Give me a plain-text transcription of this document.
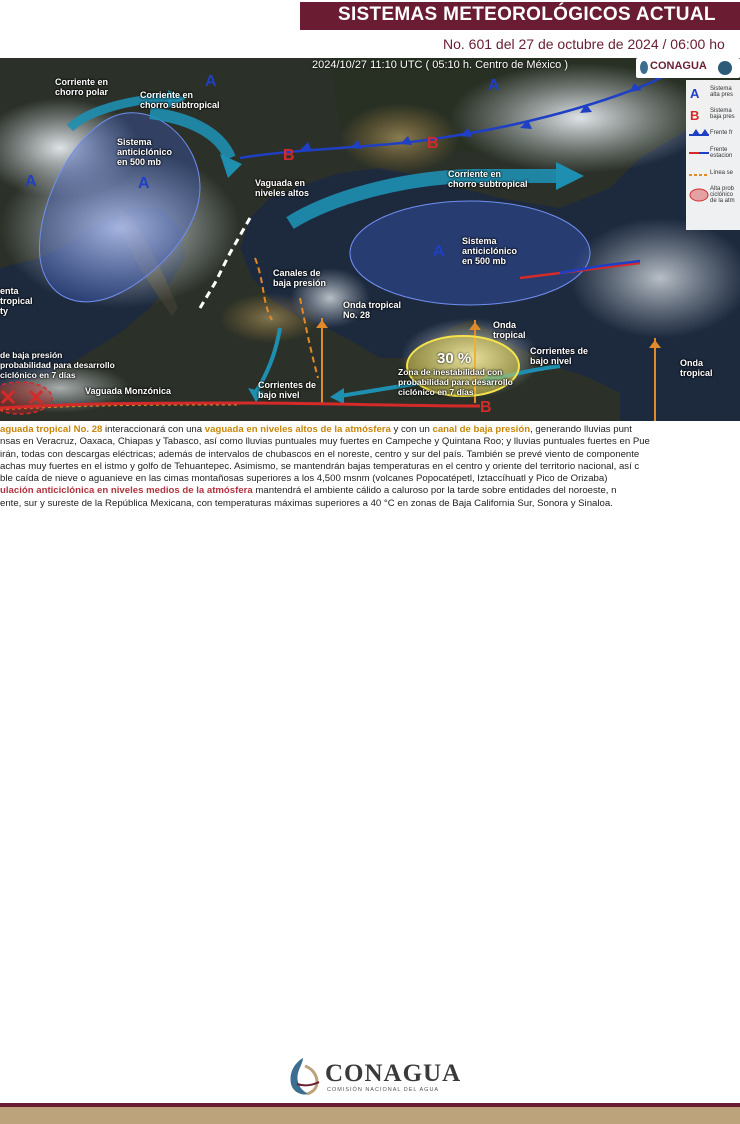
SISTEMAS METEOROLÓGICOS ACTUAL
No. 601 del 27 de octubre de 2024 / 06:00 ho
A	A
A	A
A
B
B
B
2024/10/27 11:10 UTC ( 05:10 h. Centro de México )	CONAGUA
A Sistema
alta pres
B Sistema
baja pres
Frente fr
Frente
estacion
Línea se
Alta prob
ciclónico
de la atm
Corriente en
chorro polar	Corriente en
chorro subtropical
Sistema
anticiclónico
en 500 mb
Vaguada en
niveles altos
Corriente en
chorro subtropical
Sistema
anticiclónico
en 500 mb
Canales de
baja presión
Onda tropical
No. 28
Onda
tropical
Corrientes de
bajo nivel	Onda
tropical
de baja presión
probabilidad para desarrollo
ciclónico en 7 días
Vaguada Monzónica
Corrientes de
bajo nivel
Zona de inestabilidad con
probabilidad para desarrollo
ciclónico en 7 días
enta
tropical
ty
30 %

aguada tropical No. 28 interaccionará con una vaguada en niveles altos de la atmósfera y con un canal de baja presión, generando lluvias punt
nsas en Veracruz, Oaxaca, Chiapas y Tabasco, así como lluvias puntuales muy fuertes en Campeche y Quintana Roo; y lluvias puntuales fuertes en Pue
irán, todas con descargas eléctricas; además de intervalos de chubascos en el noreste, centro y sur del país. También se prevé viento de componente
achas muy fuertes en el istmo y golfo de Tehuantepec. Asimismo, se mantendrán bajas temperaturas en el centro y oriente del territorio nacional, así c
ble caída de nieve o aguanieve en las cimas montañosas superiores a los 4,500 msnm (volcanes Popocatépetl, Iztaccíhuatl y Pico de Orizaba)
ulación anticiclónica en niveles medios de la atmósfera mantendrá el ambiente cálido a caluroso por la tarde sobre entidades del noroeste, n
ente, sur y sureste de la República Mexicana, con temperaturas máximas superiores a 40 °C en zonas de Baja California Sur, Sonora y Sinaloa.

CONAGUA
COMISIÓN NACIONAL DEL AGUA
